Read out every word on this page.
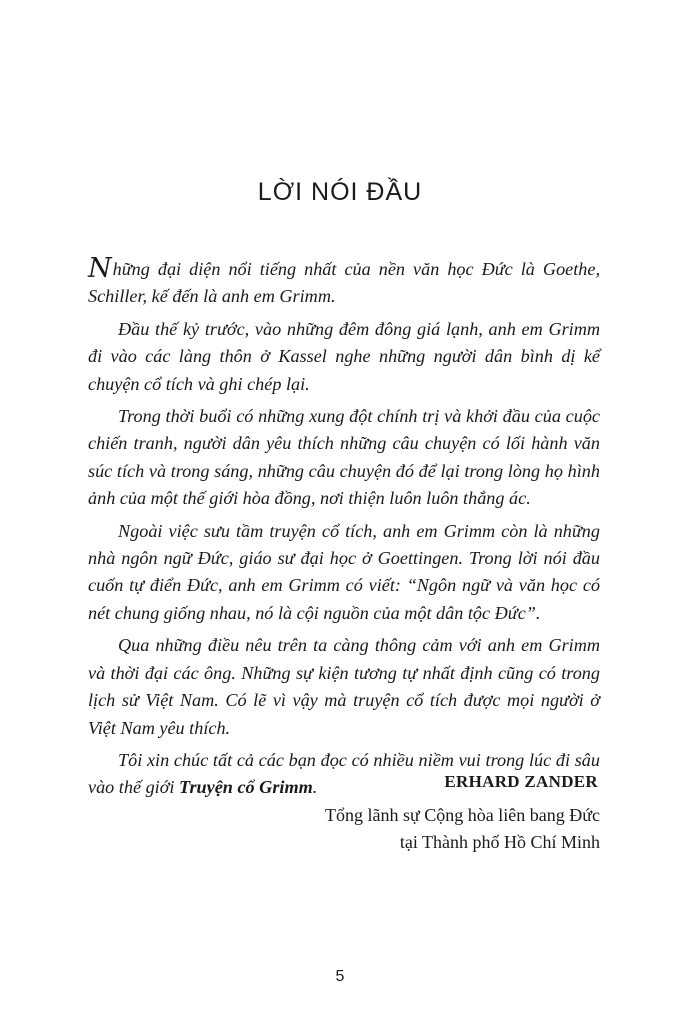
LỜI NÓI ĐẦU

Những đại diện nổi tiếng nhất của nền văn học Đức là Goethe, Schiller, kế đến là anh em Grimm.

Đầu thế kỷ trước, vào những đêm đông giá lạnh, anh em Grimm đi vào các làng thôn ở Kassel nghe những người dân bình dị kể chuyện cổ tích và ghi chép lại.

Trong thời buổi có những xung đột chính trị và khởi đầu của cuộc chiến tranh, người dân yêu thích những câu chuyện có lối hành văn súc tích và trong sáng, những câu chuyện đó để lại trong lòng họ hình ảnh của một thế giới hòa đồng, nơi thiện luôn luôn thắng ác.

Ngoài việc sưu tầm truyện cổ tích, anh em Grimm còn là những nhà ngôn ngữ Đức, giáo sư đại học ở Goettingen. Trong lời nói đầu cuốn tự điển Đức, anh em Grimm có viết: “Ngôn ngữ và văn học có nét chung giống nhau, nó là cội nguồn của một dân tộc Đức”.

Qua những điều nêu trên ta càng thông cảm với anh em Grimm và thời đại các ông. Những sự kiện tương tự nhất định cũng có trong lịch sử Việt Nam. Có lẽ vì vậy mà truyện cổ tích được mọi người ở Việt Nam yêu thích.

Tôi xin chúc tất cả các bạn đọc có nhiều niềm vui trong lúc đi sâu vào thế giới Truyện cổ Grimm.	ERHARD ZANDER
Tổng lãnh sự Cộng hòa liên bang Đức
tại Thành phố Hồ Chí Minh
5
